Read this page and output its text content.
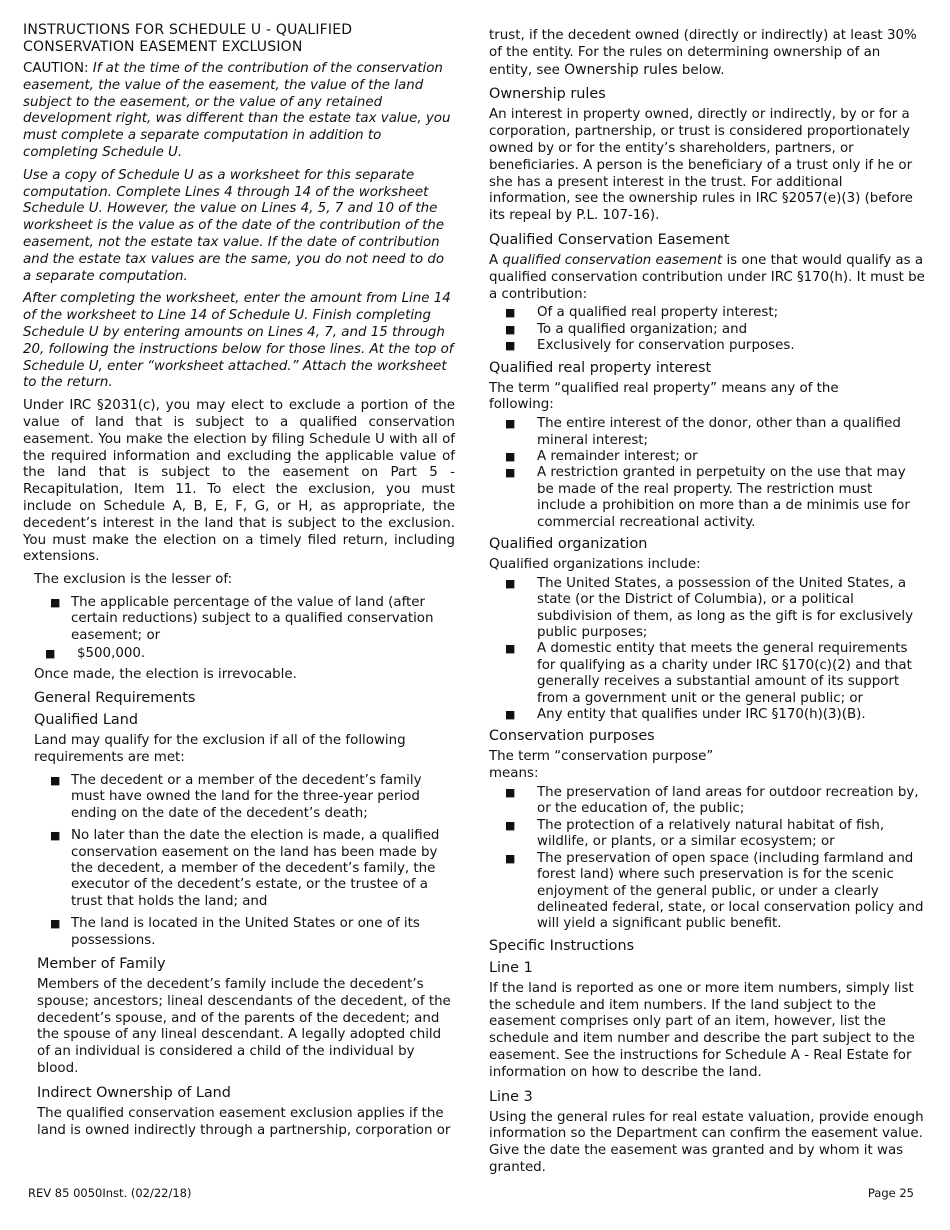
INSTRUCTIONS FOR SCHEDULE U - QUALIFIED
CONSERVATION EASEMENT EXCLUSION

CAUTION: If at the time of the contribution of the conservation easement, the value of the easement, the value of the land subject to the easement, or the value of any retained development right, was different than the estate tax value, you must complete a separate computation in addition to completing Schedule U.

Use a copy of Schedule U as a worksheet for this separate computation. Complete Lines 4 through 14 of the worksheet Schedule U. However, the value on Lines 4, 5, 7 and 10 of the worksheet is the value as of the date of the contribution of the easement, not the estate tax value. If the date of contribution and the estate tax values are the same, you do not need to do a separate computation.

After completing the worksheet, enter the amount from Line 14 of the worksheet to Line 14 of Schedule U. Finish completing Schedule U by entering amounts on Lines 4, 7, and 15 through 20, following the instructions below for those lines. At the top of Schedule U, enter “worksheet attached.” Attach the worksheet to the return.

Under IRC §2031(c), you may elect to exclude a portion of the value of land that is subject to a qualified conservation easement. You make the election by filing Schedule U with all of the required information and excluding the applicable value of the land that is subject to the easement on Part 5 - Recapitulation, Item 11. To elect the exclusion, you must include on Schedule A, B, E, F, G, or H, as appropriate, the decedent’s interest in the land that is subject to the exclusion. You must make the election on a timely filed return, including extensions.

The exclusion is the lesser of:

■ The applicable percentage of the value of land (after certain reductions) subject to a qualified conservation easement; or
■ $500,000.

Once made, the election is irrevocable.

General Requirements
Qualified Land

Land may qualify for the exclusion if all of the following requirements are met:

■ The decedent or a member of the decedent’s family must have owned the land for the three-year period ending on the date of the decedent’s death;
■ No later than the date the election is made, a qualified conservation easement on the land has been made by the decedent, a member of the decedent’s family, the executor of the decedent’s estate, or the trustee of a trust that holds the land; and
■ The land is located in the United States or one of its possessions.
Member of Family

Members of the decedent’s family include the decedent’s spouse; ancestors; lineal descendants of the decedent, of the decedent’s spouse, and of the parents of the decedent; and the spouse of any lineal descendant. A legally adopted child of an individual is considered a child of the individual by blood.

Indirect Ownership of Land

The qualified conservation easement exclusion applies if the land is owned indirectly through a partnership, corporation or

trust, if the decedent owned (directly or indirectly) at least 30% of the entity. For the rules on determining ownership of an entity, see Ownership rules below.

Ownership rules

An interest in property owned, directly or indirectly, by or for a corporation, partnership, or trust is considered proportionately owned by or for the entity’s shareholders, partners, or beneficiaries. A person is the beneficiary of a trust only if he or she has a present interest in the trust. For additional information, see the ownership rules in IRC §2057(e)(3) (before its repeal by P.L. 107-16).

Qualified Conservation Easement

A qualified conservation easement is one that would qualify as a qualified conservation contribution under IRC §170(h). It must be a contribution:

■ Of a qualified real property interest;
■ To a qualified organization; and
■ Exclusively for conservation purposes.
Qualified real property interest

The term “qualified real property” means any of the following:

■ The entire interest of the donor, other than a qualified mineral interest;
■ A remainder interest; or
■ A restriction granted in perpetuity on the use that may be made of the real property. The restriction must include a prohibition on more than a de minimis use for commercial recreational activity.
Qualified organization

Qualified organizations include:

■ The United States, a possession of the United States, a state (or the District of Columbia), or a political subdivision of them, as long as the gift is for exclusively public purposes;
■ A domestic entity that meets the general requirements for qualifying as a charity under IRC §170(c)(2) and that generally receives a substantial amount of its support from a government unit or the general public; or
■ Any entity that qualifies under IRC §170(h)(3)(B).
Conservation purposes

The term “conservation purpose” means:

■ The preservation of land areas for outdoor recreation by, or the education of, the public;
■ The protection of a relatively natural habitat of fish, wildlife, or plants, or a similar ecosystem; or
■ The preservation of open space (including farmland and forest land) where such preservation is for the scenic enjoyment of the general public, or under a clearly delineated federal, state, or local conservation policy and will yield a significant public benefit.
Specific Instructions
Line 1

If the land is reported as one or more item numbers, simply list the schedule and item numbers. If the land subject to the easement comprises only part of an item, however, list the schedule and item number and describe the part subject to the easement. See the instructions for Schedule A - Real Estate for information on how to describe the land.

Line 3

Using the general rules for real estate valuation, provide enough information so the Department can confirm the easement value. Give the date the easement was granted and by whom it was granted.

REV 85 0050Inst. (02/22/18)	Page 25
